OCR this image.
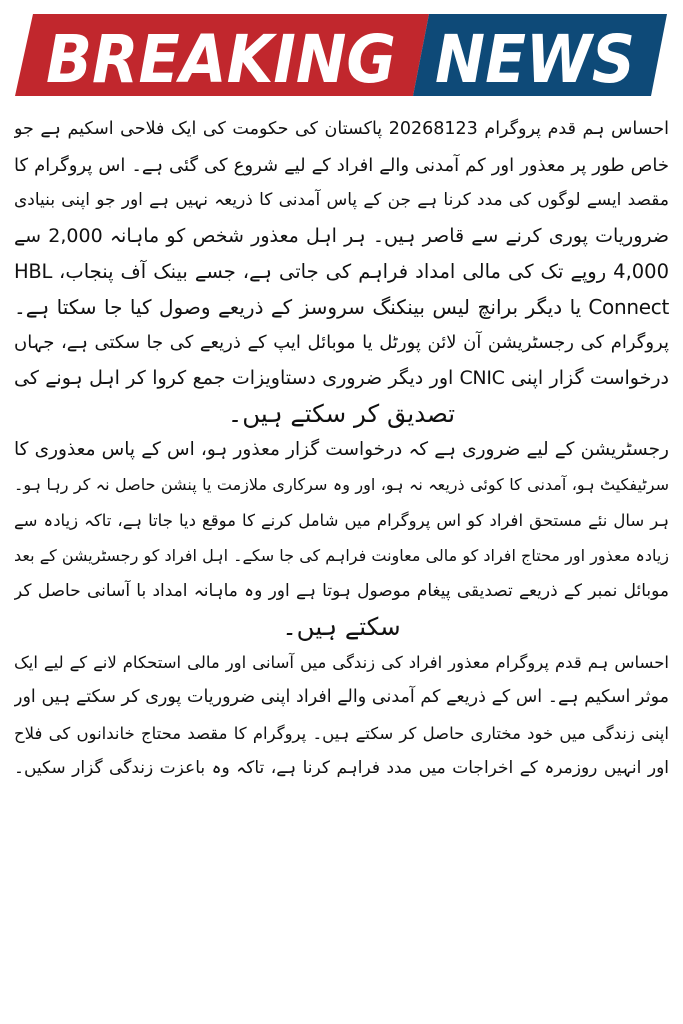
BREAKING NEWS
احساس ہم قدم پروگرام 20268123 پاکستان کی حکومت کی ایک فلاحی اسکیم ہے جو
خاص طور پر معذور اور کم آمدنی والے افراد کے لیے شروع کی گئی ہے۔ اس پروگرام کا
مقصد ایسے لوگوں کی مدد کرنا ہے جن کے پاس آمدنی کا ذریعہ نہیں ہے اور جو اپنی بنیادی
ضروریات پوری کرنے سے قاصر ہیں۔ ہر اہل معذور شخص کو ماہانہ 2,000 سے
4,000 روپے تک کی مالی امداد فراہم کی جاتی ہے، جسے بینک آف پنجاب، HBL
Connect یا دیگر برانچ لیس بینکنگ سروسز کے ذریعے وصول کیا جا سکتا ہے۔
پروگرام کی رجسٹریشن آن لائن پورٹل یا موبائل ایپ کے ذریعے کی جا سکتی ہے، جہاں
درخواست گزار اپنی CNIC اور دیگر ضروری دستاویزات جمع کروا کر اہل ہونے کی
تصدیق کر سکتے ہیں۔
رجسٹریشن کے لیے ضروری ہے کہ درخواست گزار معذور ہو، اس کے پاس معذوری کا
سرٹیفکیٹ ہو، آمدنی کا کوئی ذریعہ نہ ہو، اور وہ سرکاری ملازمت یا پنشن حاصل نہ کر رہا ہو۔
ہر سال نئے مستحق افراد کو اس پروگرام میں شامل کرنے کا موقع دیا جاتا ہے، تاکہ زیادہ سے
زیادہ معذور اور محتاج افراد کو مالی معاونت فراہم کی جا سکے۔ اہل افراد کو رجسٹریشن کے بعد
موبائل نمبر کے ذریعے تصدیقی پیغام موصول ہوتا ہے اور وہ ماہانہ امداد با آسانی حاصل کر
سکتے ہیں۔
احساس ہم قدم پروگرام معذور افراد کی زندگی میں آسانی اور مالی استحکام لانے کے لیے ایک
موثر اسکیم ہے۔ اس کے ذریعے کم آمدنی والے افراد اپنی ضروریات پوری کر سکتے ہیں اور
اپنی زندگی میں خود مختاری حاصل کر سکتے ہیں۔ پروگرام کا مقصد محتاج خاندانوں کی فلاح
اور انہیں روزمرہ کے اخراجات میں مدد فراہم کرنا ہے، تاکہ وہ باعزت زندگی گزار سکیں۔
